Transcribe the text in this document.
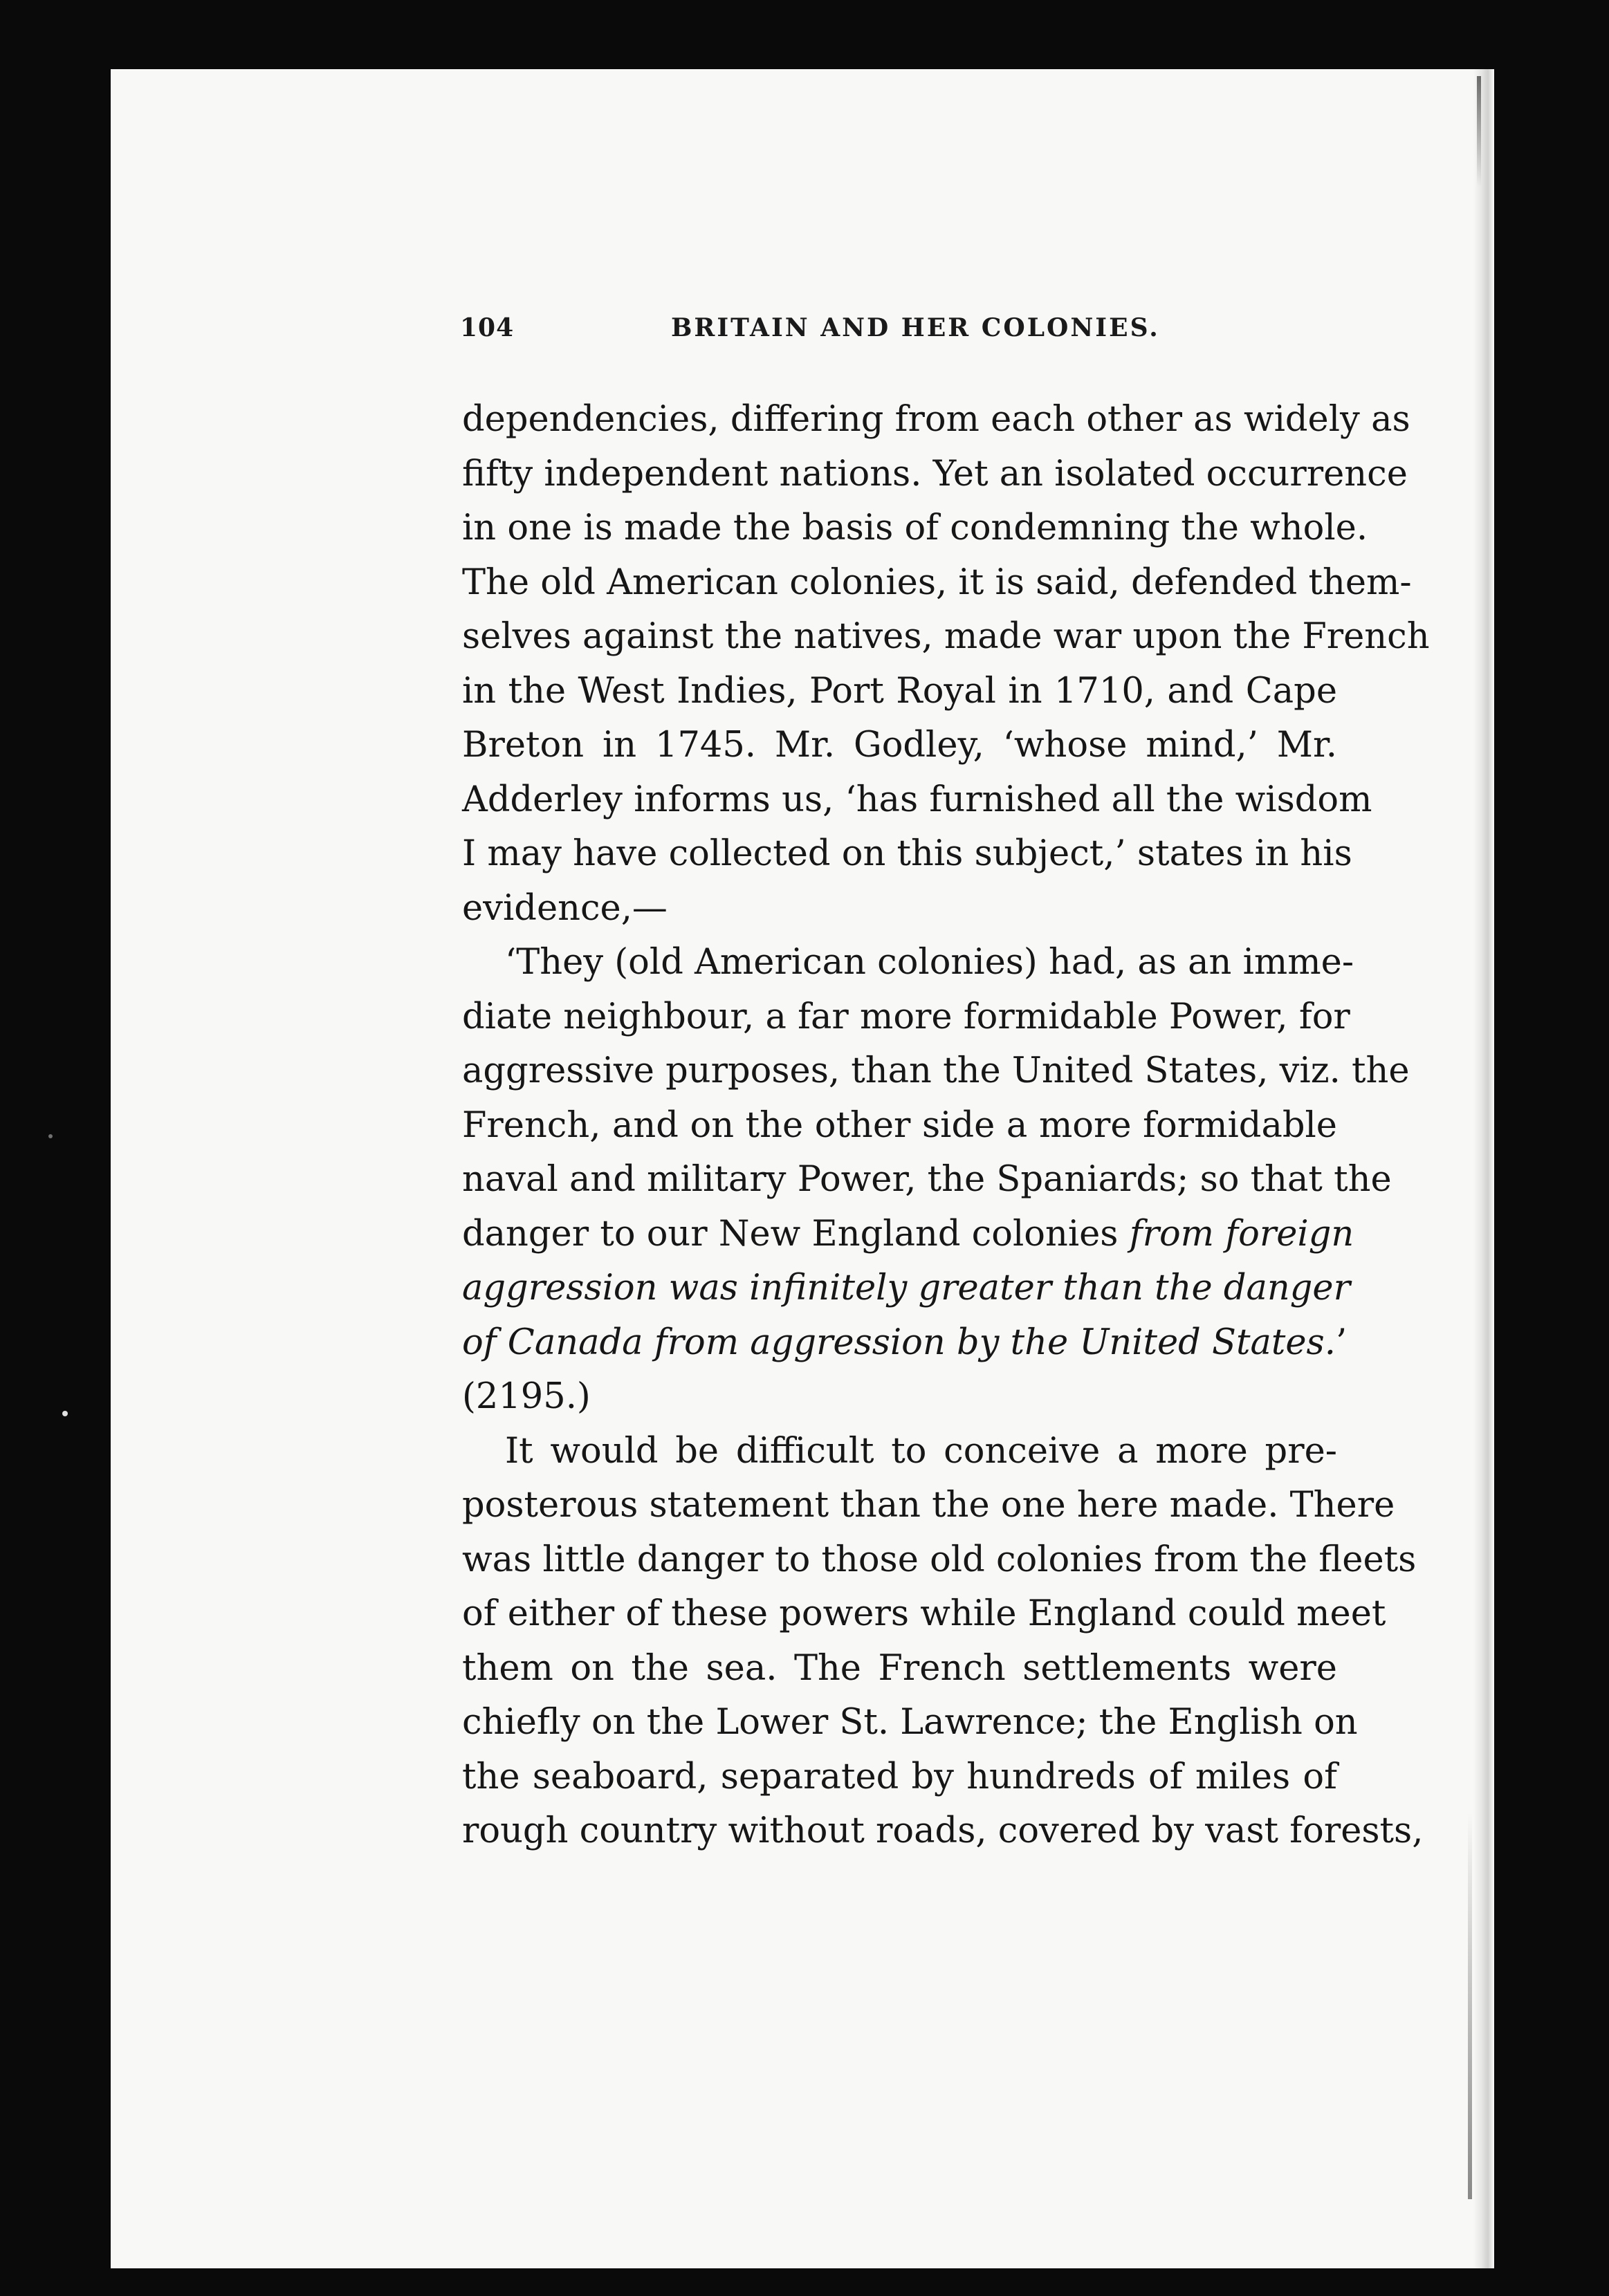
104	BRITAIN AND HER COLONIES.
dependencies, differing from each other as widely as
fifty independent nations. Yet an isolated occurrence
in one is made the basis of condemning the whole.
The old American colonies, it is said, defended them-
selves against the natives, made war upon the French
in the West Indies, Port Royal in 1710, and Cape
Breton in 1745. Mr. Godley, ‘whose mind,’ Mr.
Adderley informs us, ‘has furnished all the wisdom
I may have collected on this subject,’ states in his
evidence,—
‘They (old American colonies) had, as an imme-
diate neighbour, a far more formidable Power, for
aggressive purposes, than the United States, viz. the
French, and on the other side a more formidable
naval and military Power, the Spaniards; so that the
danger to our New England colonies from foreign
aggression was infinitely greater than the danger
of Canada from aggression by the United States.’
(2195.)
It would be difficult to conceive a more pre-
posterous statement than the one here made. There
was little danger to those old colonies from the fleets
of either of these powers while England could meet
them on the sea. The French settlements were
chiefly on the Lower St. Lawrence; the English on
the seaboard, separated by hundreds of miles of
rough country without roads, covered by vast forests,
